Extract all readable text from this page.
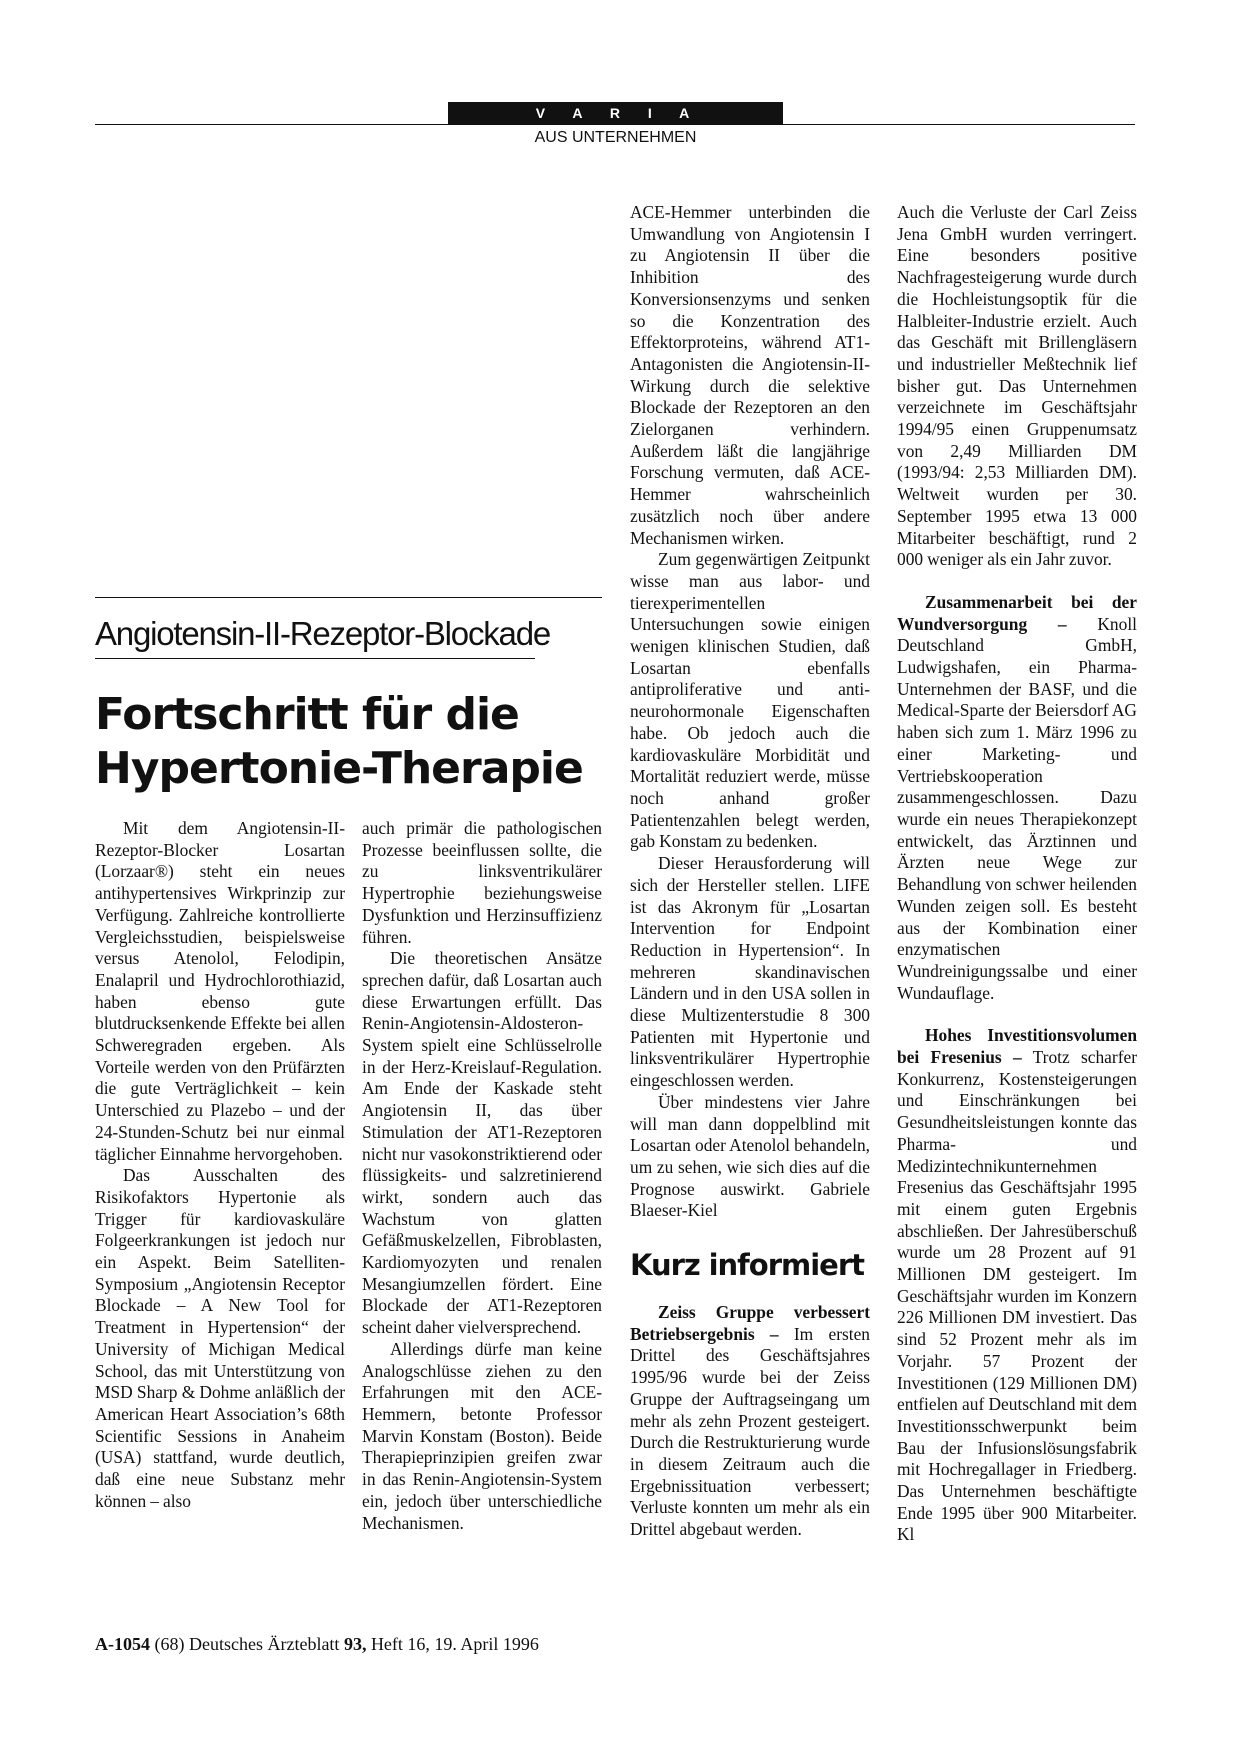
V A R I A
AUS UNTERNEHMEN
Angiotensin-II-Rezeptor-Blockade
Fortschritt für die
Hypertonie-Therapie

Mit dem Angiotensin-II-Rezeptor-Blocker Losartan (Lorzaar®) steht ein neues antihypertensives Wirkprinzip zur Verfügung. Zahlreiche kontrollierte Vergleichsstudien, beispielsweise versus Atenolol, Felodipin, Enalapril und Hydrochlorothiazid, haben ebenso gute blutdrucksenkende Effekte bei allen Schweregraden ergeben. Als Vorteile werden von den Prüfärzten die gute Verträglichkeit – kein Unterschied zu Plazebo – und der 24-Stunden-Schutz bei nur einmal täglicher Einnahme hervorgehoben.

Das Ausschalten des Risikofaktors Hypertonie als Trigger für kardiovaskuläre Folgeerkrankungen ist jedoch nur ein Aspekt. Beim Satelliten-Symposium „Angiotensin Receptor Blockade – A New Tool for Treatment in Hypertension“ der University of Michigan Medical School, das mit Unterstützung von MSD Sharp & Dohme anläßlich der American Heart Association’s 68th Scientific Sessions in Anaheim (USA) stattfand, wurde deutlich, daß eine neue Substanz mehr können – also

auch primär die pathologischen Prozesse beeinflussen sollte, die zu linksventrikulärer Hypertrophie beziehungsweise Dysfunktion und Herzinsuffizienz führen.

Die theoretischen Ansätze sprechen dafür, daß Losartan auch diese Erwartungen erfüllt. Das Renin-Angiotensin-Aldosteron-System spielt eine Schlüsselrolle in der Herz-Kreislauf-Regulation. Am Ende der Kaskade steht Angiotensin II, das über Stimulation der AT1-Rezeptoren nicht nur vasokonstriktierend oder flüssigkeits- und salzretinierend wirkt, sondern auch das Wachstum von glatten Gefäßmuskelzellen, Fibroblasten, Kardiomyozyten und renalen Mesangiumzellen fördert. Eine Blockade der AT1-Rezeptoren scheint daher vielversprechend.

Allerdings dürfe man keine Analogschlüsse ziehen zu den Erfahrungen mit den ACE-Hemmern, betonte Professor Marvin Konstam (Boston). Beide Therapieprinzipien greifen zwar in das Renin-Angiotensin-System ein, jedoch über unterschiedliche Mechanismen.

ACE-Hemmer unterbinden die Umwandlung von Angiotensin I zu Angiotensin II über die Inhibition des Konversionsenzyms und senken so die Konzentration des Effektorproteins, während AT1-Antagonisten die Angiotensin-II-Wirkung durch die selektive Blockade der Rezeptoren an den Zielorganen verhindern. Außerdem läßt die langjährige Forschung vermuten, daß ACE-Hemmer wahrscheinlich zusätzlich noch über andere Mechanismen wirken.

Zum gegenwärtigen Zeitpunkt wisse man aus labor- und tierexperimentellen Untersuchungen sowie einigen wenigen klinischen Studien, daß Losartan ebenfalls antiproliferative und anti-neurohormonale Eigenschaften habe. Ob jedoch auch die kardiovaskuläre Morbidität und Mortalität reduziert werde, müsse noch anhand großer Patientenzahlen belegt werden, gab Konstam zu bedenken.

Dieser Herausforderung will sich der Hersteller stellen. LIFE ist das Akronym für „Losartan Intervention for Endpoint Reduction in Hypertension“. In mehreren skandinavischen Ländern und in den USA sollen in diese Multizenterstudie 8 300 Patienten mit Hypertonie und linksventrikulärer Hypertrophie eingeschlossen werden.

Über mindestens vier Jahre will man dann doppelblind mit Losartan oder Atenolol behandeln, um zu sehen, wie sich dies auf die Prognose auswirkt. Gabriele Blaeser-Kiel

Kurz informiert

Zeiss Gruppe verbessert Betriebsergebnis – Im ersten Drittel des Geschäftsjahres 1995/96 wurde bei der Zeiss Gruppe der Auftragseingang um mehr als zehn Prozent gesteigert. Durch die Restrukturierung wurde in diesem Zeitraum auch die Ergebnissituation verbessert; Verluste konnten um mehr als ein Drittel abgebaut werden.

Auch die Verluste der Carl Zeiss Jena GmbH wurden verringert. Eine besonders positive Nachfragesteigerung wurde durch die Hochleistungsoptik für die Halbleiter-Industrie erzielt. Auch das Geschäft mit Brillengläsern und industrieller Meßtechnik lief bisher gut. Das Unternehmen verzeichnete im Geschäftsjahr 1994/95 einen Gruppenumsatz von 2,49 Milliarden DM (1993/94: 2,53 Milliarden DM). Weltweit wurden per 30. September 1995 etwa 13 000 Mitarbeiter beschäftigt, rund 2 000 weniger als ein Jahr zuvor.

Zusammenarbeit bei der Wundversorgung – Knoll Deutschland GmbH, Ludwigshafen, ein Pharma-Unternehmen der BASF, und die Medical-Sparte der Beiersdorf AG haben sich zum 1. März 1996 zu einer Marketing- und Vertriebskooperation zusammengeschlossen. Dazu wurde ein neues Therapiekonzept entwickelt, das Ärztinnen und Ärzten neue Wege zur Behandlung von schwer heilenden Wunden zeigen soll. Es besteht aus der Kombination einer enzymatischen Wundreinigungssalbe und einer Wundauflage.

Hohes Investitionsvolumen bei Fresenius – Trotz scharfer Konkurrenz, Kostensteigerungen und Einschränkungen bei Gesundheitsleistungen konnte das Pharma- und Medizintechnikunternehmen Fresenius das Geschäftsjahr 1995 mit einem guten Ergebnis abschließen. Der Jahresüberschuß wurde um 28 Prozent auf 91 Millionen DM gesteigert. Im Geschäftsjahr wurden im Konzern 226 Millionen DM investiert. Das sind 52 Prozent mehr als im Vorjahr. 57 Prozent der Investitionen (129 Millionen DM) entfielen auf Deutschland mit dem Investitionsschwerpunkt beim Bau der Infusionslösungsfabrik mit Hochregallager in Friedberg. Das Unternehmen beschäftigte Ende 1995 über 900 Mitarbeiter. Kl

A-1054 (68) Deutsches Ärzteblatt 93, Heft 16, 19. April 1996
